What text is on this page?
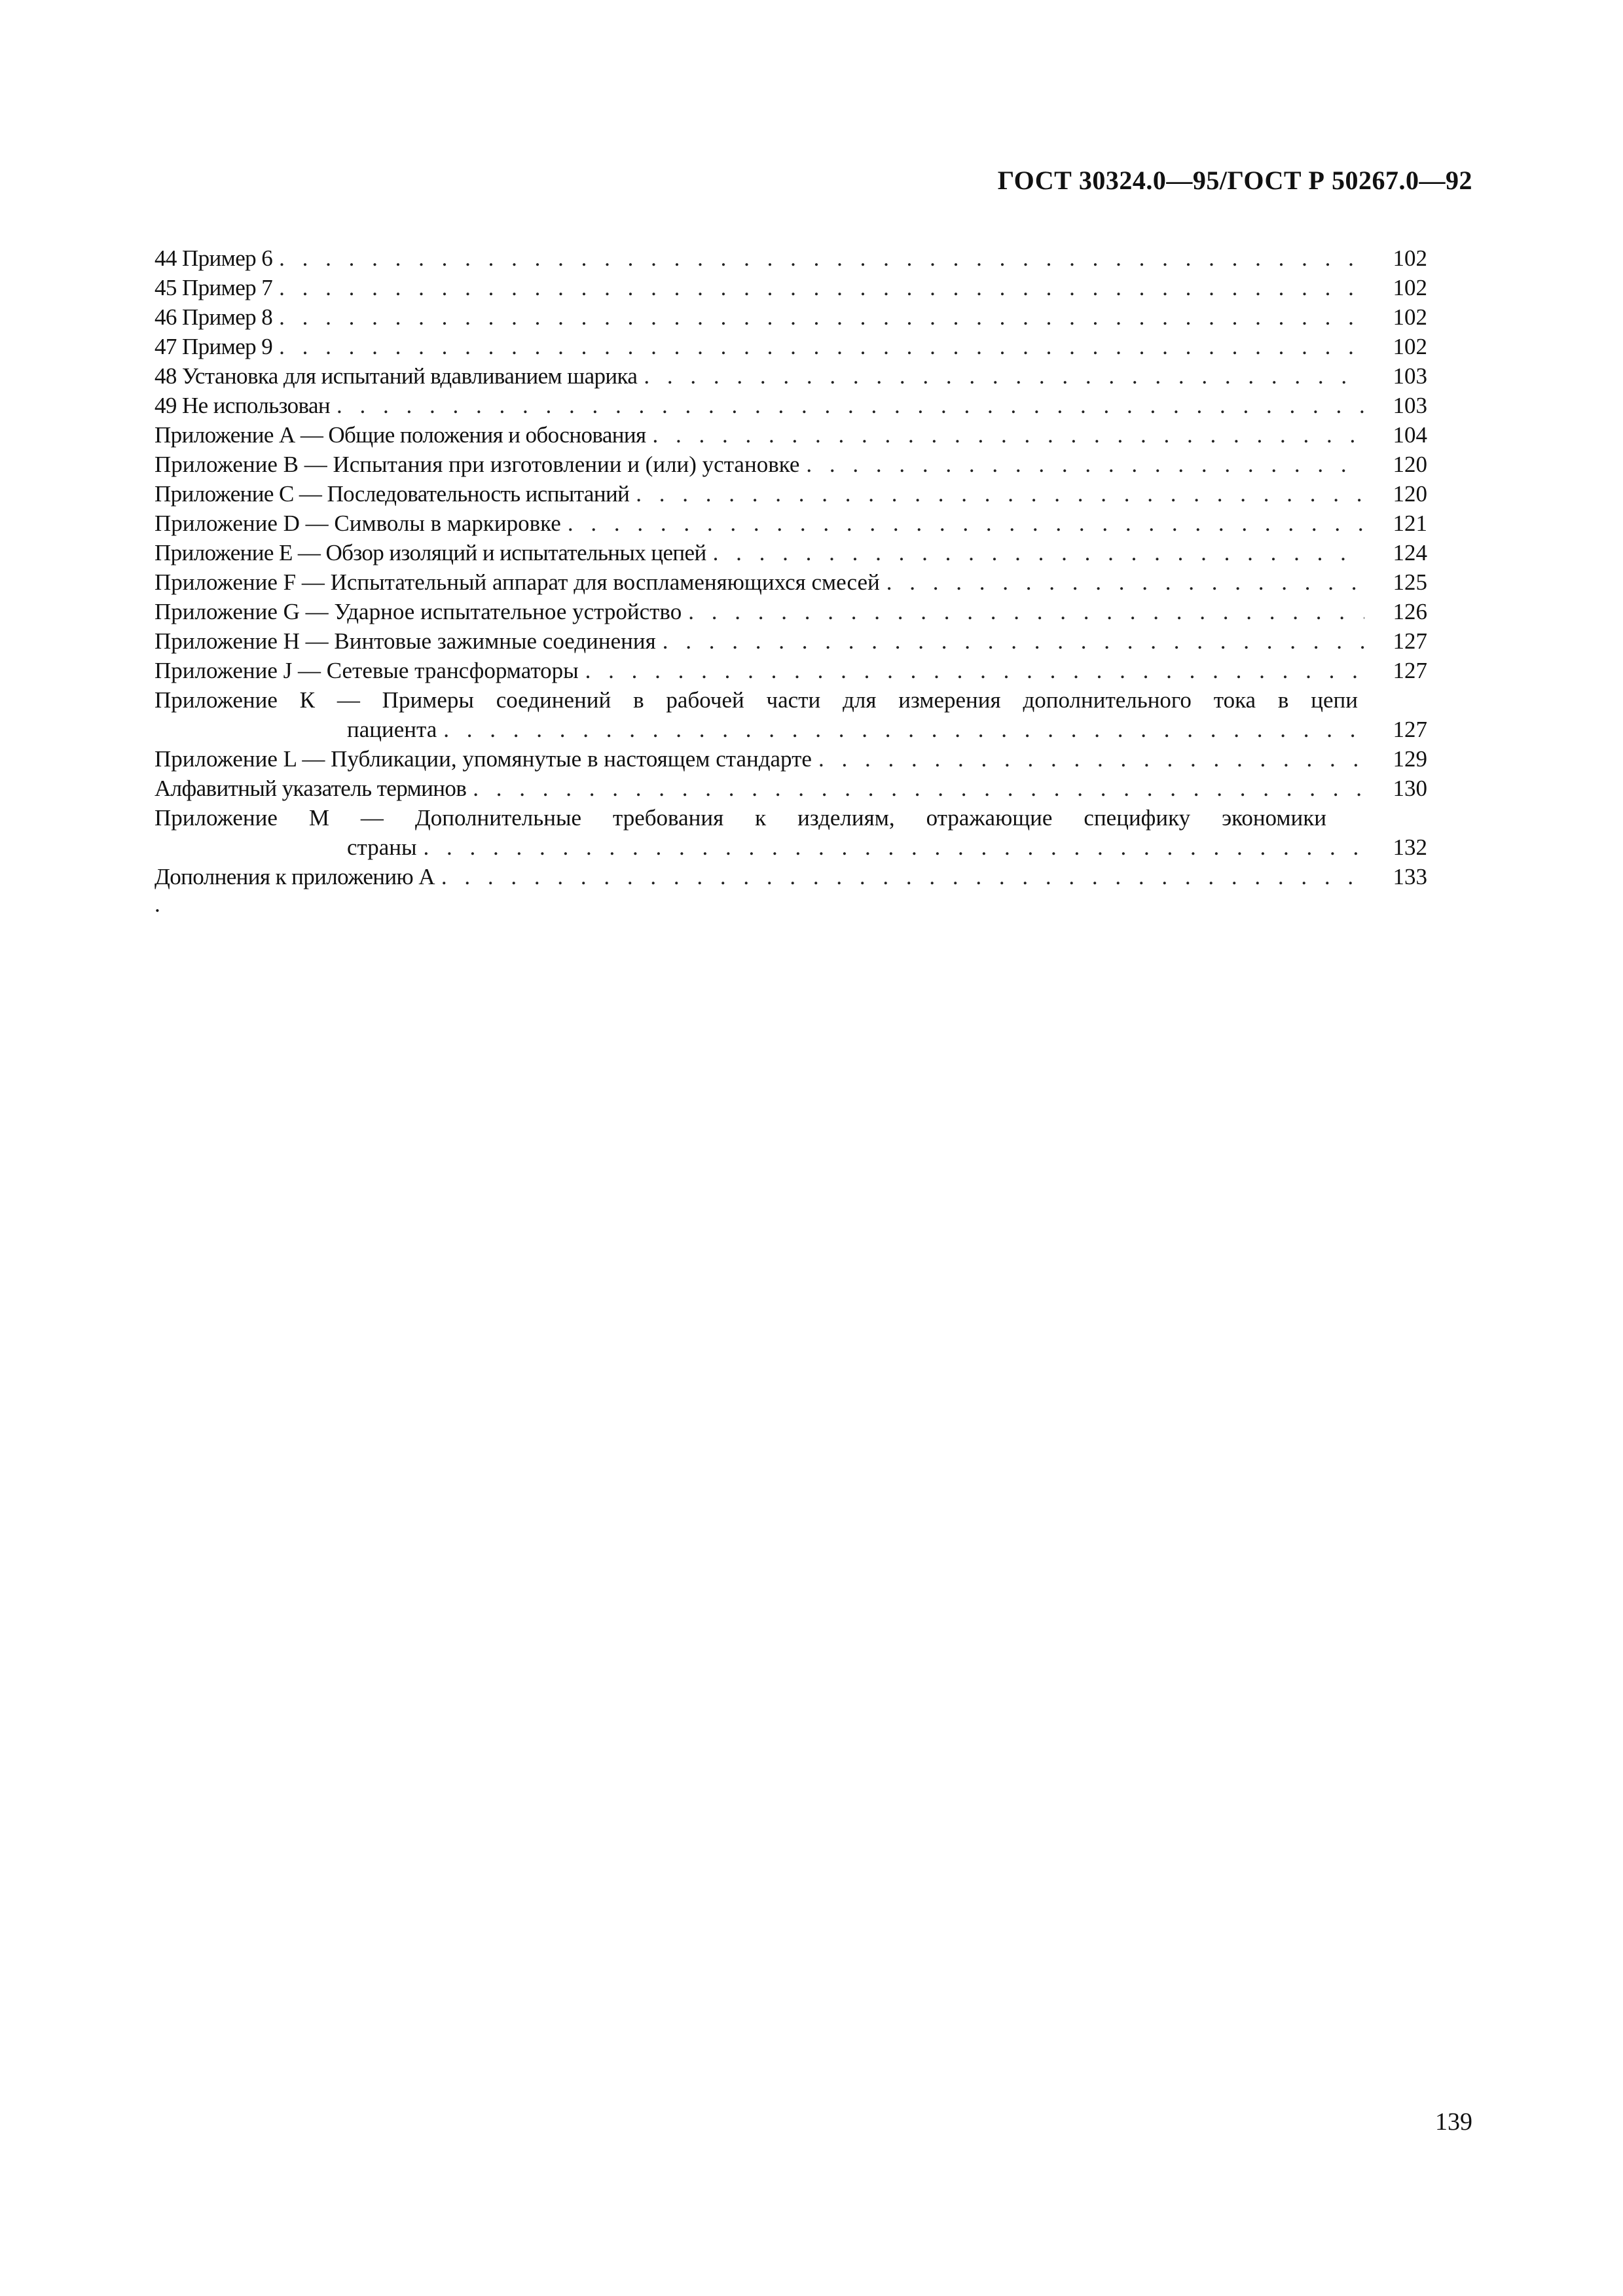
ГОСТ 30324.0—95/ГОСТ Р 50267.0—92
44 Пример 6 . . .	102
45 Пример 7 . . .	102
46 Пример 8 . . .	102
47 Пример 9 . . .	102
48 Установка для испытаний вдавливанием шарика . . .	103
49 Не использован . . .	103
Приложение А — Общие положения и обоснования . . .	104
Приложение В — Испытания при изготовлении и (или) установке . . .	120
Приложение С — Последовательность испытаний . . .	120
Приложение D — Символы в маркировке . . .	121
Приложение Е — Обзор изоляций и испытательных цепей . . .	124
Приложение F — Испытательный аппарат для воспламеняющихся смесей . . .	125
Приложение G — Ударное испытательное устройство . . .	126
Приложение Н — Винтовые зажимные соединения . . .	127
Приложение J — Сетевые трансформаторы . . .	127
Приложение К — Примеры соединений в рабочей части для измерения дополнительного тока в цепи
пациента . . .	127
Приложение L — Публикации, упомянутые в настоящем стандарте . . .	129
Алфавитный указатель терминов . . .	130
Приложение М — Дополнительные требования к изделиям, отражающие специфику экономики
страны . . .	132
Дополнения к приложению А . . .	133
.
139
